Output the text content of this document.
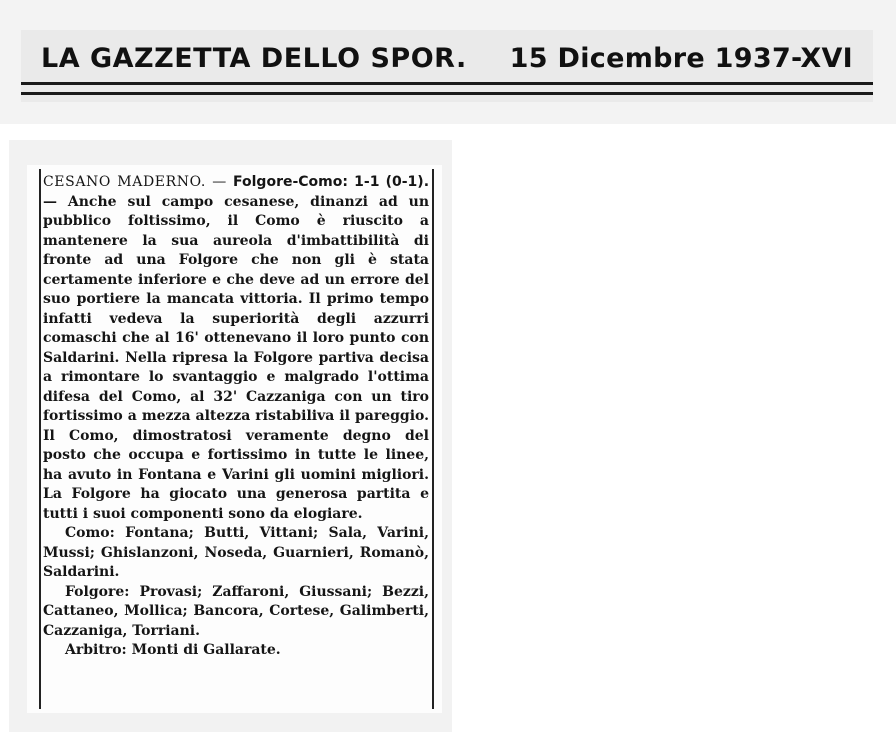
LA GAZZETTA DELLO SPOR. 15 Dicembre 1937-XVI

CESANO MADERNO. — Folgore-Como: 1-1 (0-1). — Anche sul campo cesanese, dinanzi ad un pubblico foltissimo, il Como è riuscito a mantenere la sua aureola d'imbattibilità di fronte ad una Folgore che non gli è stata certamente inferiore e che deve ad un errore del suo portiere la mancata vittoria. Il primo tempo infatti vedeva la superiorità degli azzurri comaschi che al 16' ottenevano il loro punto con Saldarini. Nella ripresa la Folgore partiva decisa a rimontare lo svantaggio e malgrado l'ottima difesa del Como, al 32' Cazzaniga con un tiro fortissimo a mezza altezza ristabiliva il pareggio. Il Como, dimostratosi veramente degno del posto che occupa e fortissimo in tutte le linee, ha avuto in Fontana e Varini gli uomini migliori. La Folgore ha giocato una generosa partita e tutti i suoi componenti sono da elogiare.

Como: Fontana; Butti, Vittani; Sala, Varini, Mussi; Ghislanzoni, Noseda, Guarnieri, Romanò, Saldarini.

Folgore: Provasi; Zaffaroni, Giussani; Bezzi, Cattaneo, Mollica; Bancora, Cortese, Galimberti, Cazzaniga, Torriani.

Arbitro: Monti di Gallarate.
